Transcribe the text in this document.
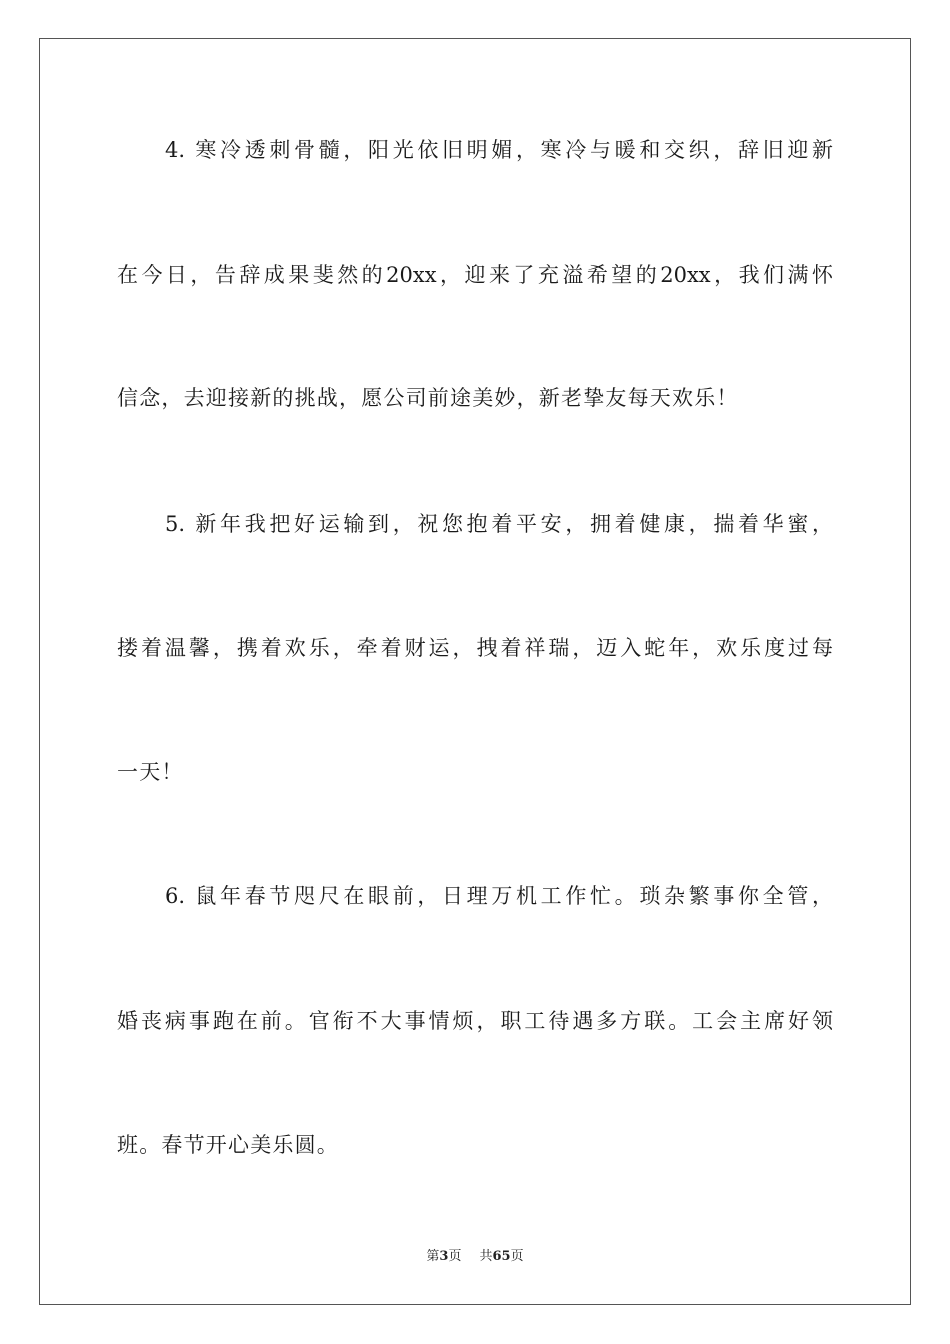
4. 寒冷透刺骨髓，阳光依旧明媚，寒冷与暖和交织，辞旧迎新
在今日，告辞成果斐然的20xx，迎来了充溢希望的20xx，我们满怀
信念，去迎接新的挑战，愿公司前途美妙，新老挚友每天欢乐！
5. 新年我把好运输到，祝您抱着平安，拥着健康，揣着华蜜，
搂着温馨，携着欢乐，牵着财运，拽着祥瑞，迈入蛇年，欢乐度过每
一天！
6. 鼠年春节咫尺在眼前，日理万机工作忙。琐杂繁事你全管，
婚丧病事跑在前。官衔不大事情烦，职工待遇多方联。工会主席好领
班。春节开心美乐圆。
第3页 共65页
